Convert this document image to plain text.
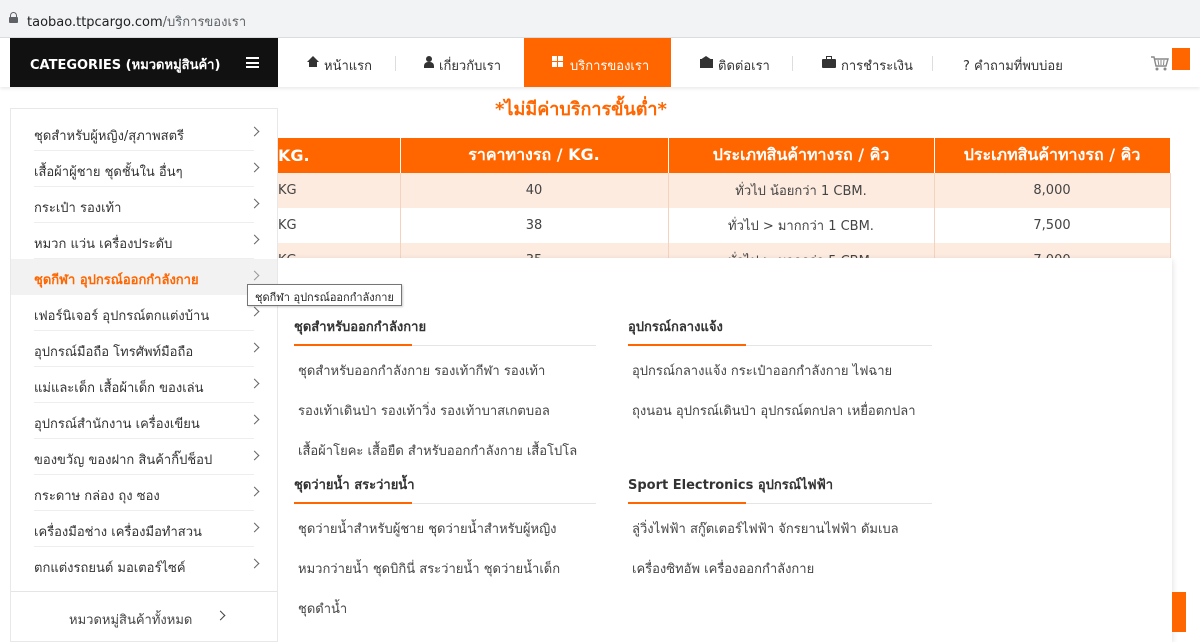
taobao.ttpcargo.com/บริการของเรา
CATEGORIES (หมวดหมู่สินค้า)	หน้าแรก	เกี่ยวกับเรา	บริการของเรา	ติดต่อเรา	การชำระเงิน	? คำถามที่พบบ่อย
*ไม่มีค่าบริการขั้นต่ำ*
KG.	ราคาทางรถ / KG.	ประเภทสินค้าทางรถ / คิว	ประเภทสินค้าทางรถ / คิว
KG	40	ทั่วไป น้อยกว่า 1 CBM.	8,000
KG	38	ทั่วไป > มากกว่า 1 CBM.	7,500

ชุดสำหรับออกกำลังกาย
ชุดสำหรับออกกำลังกาย รองเท้ากีฬา รองเท้า
รองเท้าเดินป่า รองเท้าวิ่ง รองเท้าบาสเกตบอล
เสื้อผ้าโยคะ เสื้อยืด สำหรับออกกำลังกาย เสื้อโปโล
อุปกรณ์กลางแจ้ง
อุปกรณ์กลางแจ้ง กระเป๋าออกกำลังกาย ไฟฉาย
ถุงนอน อุปกรณ์เดินป่า อุปกรณ์ตกปลา เหยื่อตกปลา
ชุดว่ายน้ำ สระว่ายน้ำ
ชุดว่ายน้ำสำหรับผู้ชาย ชุดว่ายน้ำสำหรับผู้หญิง
หมวกว่ายน้ำ ชุดบิกินี่ สระว่ายน้ำ ชุดว่ายน้ำเด็ก
ชุดดำน้ำ
Sport Electronics อุปกรณ์ไฟฟ้า
ลู่วิ่งไฟฟ้า สกู๊ตเตอร์ไฟฟ้า จักรยานไฟฟ้า ดัมเบล
เครื่องซิทอัพ เครื่องออกกำลังกาย
ชุดสำหรับผู้หญิง/สุภาพสตรี
เสื้อผ้าผู้ชาย ชุดชั้นใน อื่นๆ
กระเป๋า รองเท้า
หมวก แว่น เครื่องประดับ
ชุดกีฬา อุปกรณ์ออกกำลังกาย
เฟอร์นิเจอร์ อุปกรณ์ตกแต่งบ้าน
อุปกรณ์มือถือ โทรศัพท์มือถือ
แม่และเด็ก เสื้อผ้าเด็ก ของเล่น
อุปกรณ์สำนักงาน เครื่องเขียน
ของขวัญ ของฝาก สินค้ากิ๊ปช็อป
กระดาษ กล่อง ถุง ซอง
เครื่องมือช่าง เครื่องมือทำสวน
ตกแต่งรถยนต์ มอเตอร์ไซค์
หมวดหมู่สินค้าทั้งหมด
ชุดกีฬา อุปกรณ์ออกกำลังกาย
